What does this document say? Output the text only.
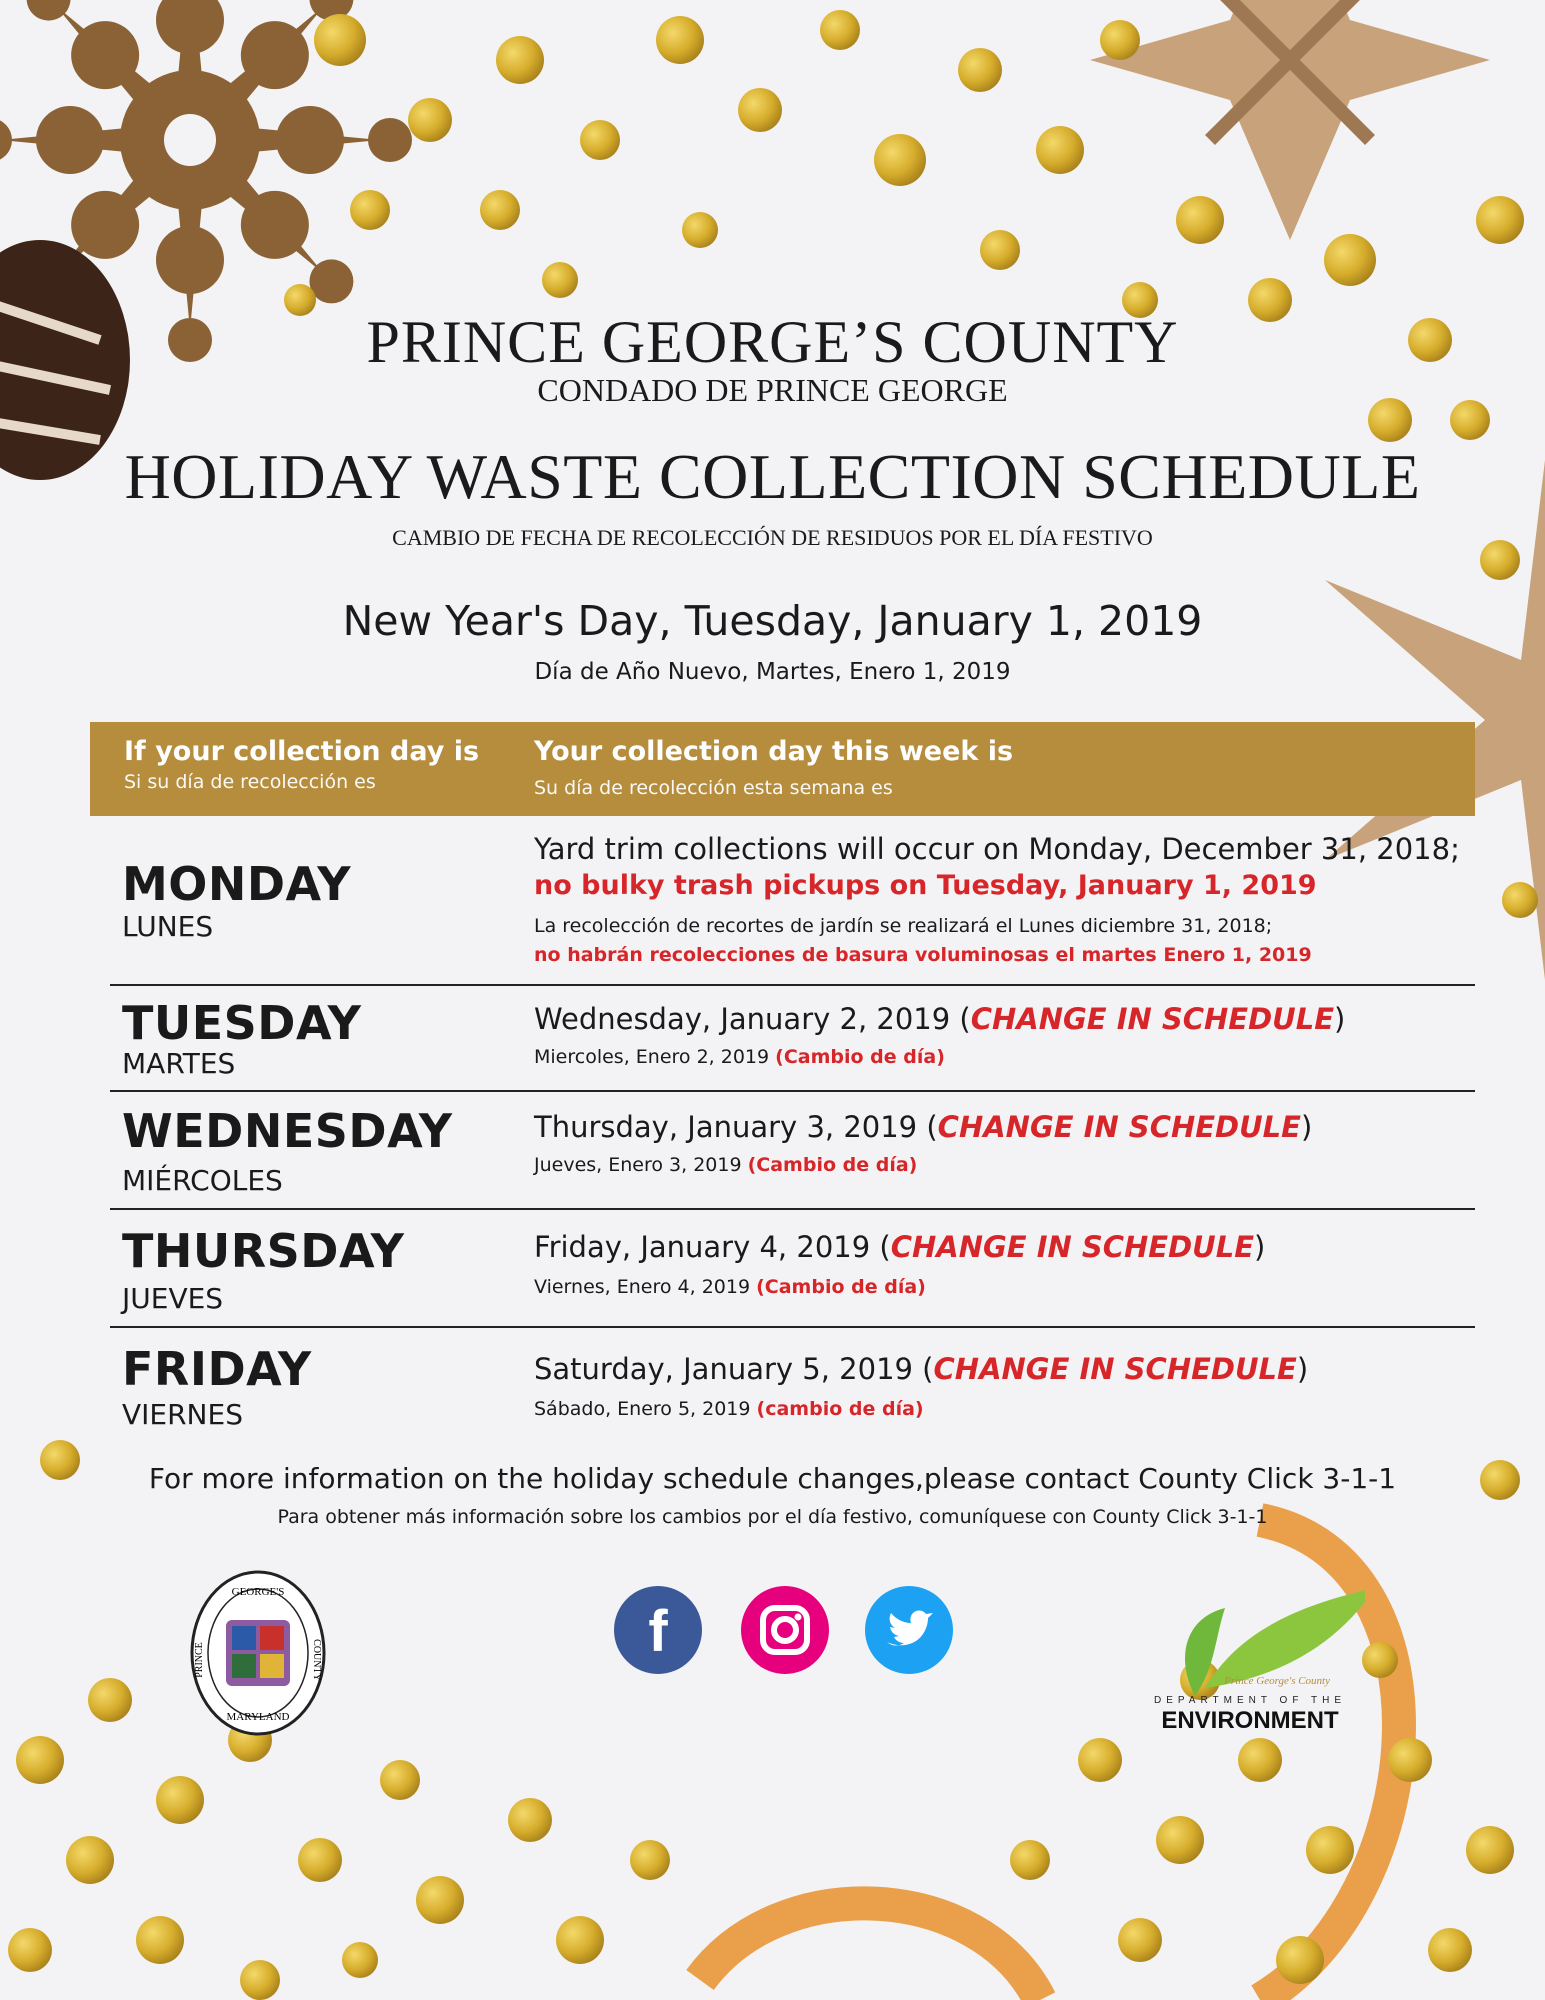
PRINCE GEORGE’S COUNTY
CONDADO DE PRINCE GEORGE
HOLIDAY WASTE COLLECTION SCHEDULE
CAMBIO DE FECHA DE RECOLECCIÓN DE RESIDUOS POR EL DÍA FESTIVO
New Year's Day, Tuesday, January 1, 2019
Día de Año Nuevo, Martes, Enero 1, 2019
If your collection day is
Si su día de recolección es
Your collection day this week is
Su día de recolección esta semana es
MONDAY
LUNES
Yard trim collections will occur on Monday, December 31, 2018;
no bulky trash pickups on Tuesday, January 1, 2019
La recolección de recortes de jardín se realizará el Lunes diciembre 31, 2018;
no habrán recolecciones de basura voluminosas el martes Enero 1, 2019
TUESDAY
MARTES
Wednesday, January 2, 2019 (CHANGE IN SCHEDULE)
Miercoles, Enero 2, 2019 (Cambio de día)
WEDNESDAY
MIÉRCOLES
Thursday, January 3, 2019 (CHANGE IN SCHEDULE)
Jueves, Enero 3, 2019 (Cambio de día)
THURSDAY
JUEVES
Friday, January 4, 2019 (CHANGE IN SCHEDULE)
Viernes, Enero 4, 2019 (Cambio de día)
FRIDAY
VIERNES
Saturday, January 5, 2019 (CHANGE IN SCHEDULE)
Sábado, Enero 5, 2019 (cambio de día)
For more information on the holiday schedule changes,please contact County Click 3-1-1
Para obtener más información sobre los cambios por el día festivo, comuníquese con County Click 3-1-1
GEORGE'S
PRINCE	COUNTY
MARYLAND
f
Prince George's County
DEPARTMENT OF THE
ENVIRONMENT
